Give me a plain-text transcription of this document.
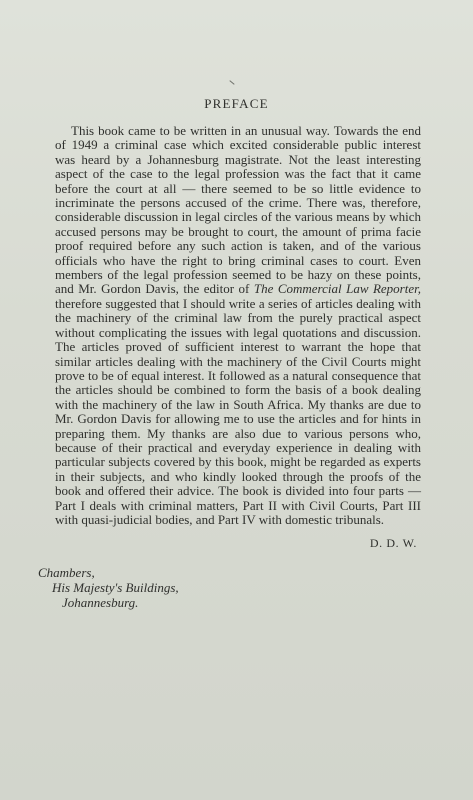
PREFACE

This book came to be written in an unusual way. Towards the end of 1949 a criminal case which excited considerable public interest was heard by a Johannesburg magistrate. Not the least interesting aspect of the case to the legal profession was the fact that it came before the court at all — there seemed to be so little evidence to incriminate the persons accused of the crime. There was, therefore, considerable discussion in legal circles of the various means by which accused persons may be brought to court, the amount of prima facie proof required before any such action is taken, and of the various officials who have the right to bring criminal cases to court. Even members of the legal profession seemed to be hazy on these points, and Mr. Gordon Davis, the editor of The Commercial Law Reporter, therefore suggested that I should write a series of articles dealing with the machinery of the criminal law from the purely practical aspect without complicating the issues with legal quotations and discussion. The articles proved of sufficient interest to warrant the hope that similar articles dealing with the machinery of the Civil Courts might prove to be of equal interest. It followed as a natural consequence that the articles should be combined to form the basis of a book dealing with the machinery of the law in South Africa. My thanks are due to Mr. Gordon Davis for allowing me to use the articles and for hints in preparing them. My thanks are also due to various persons who, because of their practical and everyday experience in dealing with particular subjects covered by this book, might be regarded as experts in their subjects, and who kindly looked through the proofs of the book and offered their advice. The book is divided into four parts — Part I deals with criminal matters, Part II with Civil Courts, Part III with quasi-judicial bodies, and Part IV with domestic tribunals.

D. D. W.
Chambers,
His Majesty's Buildings,
Johannesburg.
